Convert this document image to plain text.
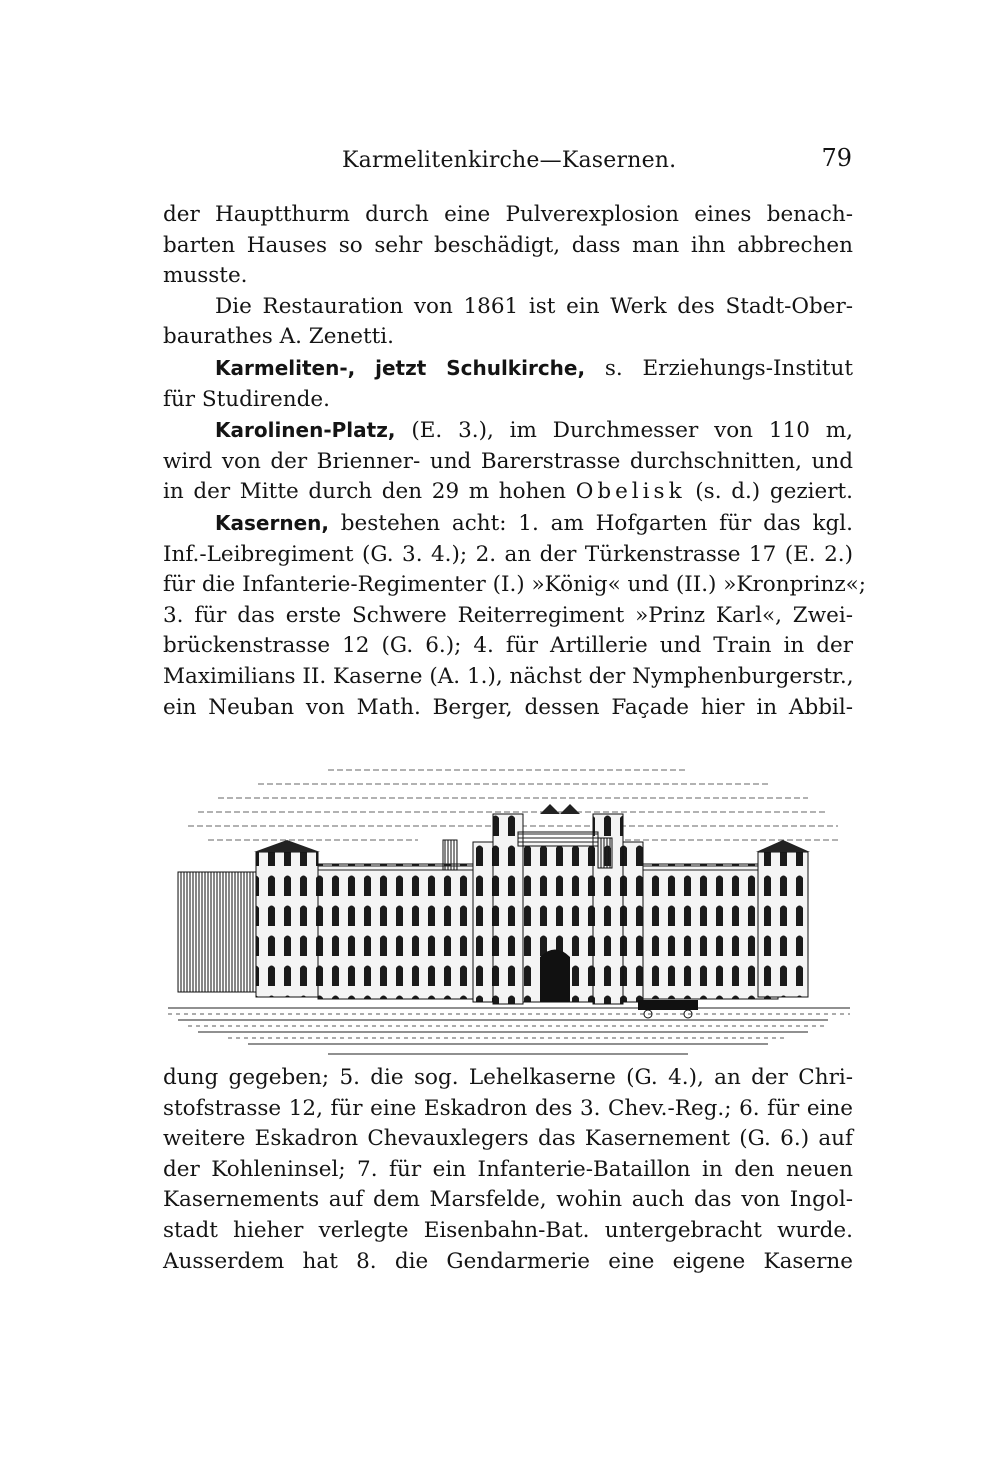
Karmelitenkirche—Kasernen.	79

der Hauptthurm durch eine Pulverexplosion eines benach-
barten Hauses so sehr beschädigt, dass man ihn abbrechen
musste.

Die Restauration von 1861 ist ein Werk des Stadt-Ober-
baurathes A. Zenetti.

Karmeliten-, jetzt Schulkirche, s. Erziehungs-Institut
für Studirende.

Karolinen-Platz, (E. 3.), im Durchmesser von 110 m,
wird von der Brienner- und Barerstrasse durchschnitten, und
in der Mitte durch den 29 m hohen Obelisk (s. d.) geziert.

Kasernen, bestehen acht: 1. am Hofgarten für das kgl.
Inf.-Leibregiment (G. 3. 4.); 2. an der Türkenstrasse 17 (E. 2.)
für die Infanterie-Regimenter (I.) »König« und (II.) »Kronprinz«;
3. für das erste Schwere Reiterregiment »Prinz Karl«, Zwei-
brückenstrasse 12 (G. 6.); 4. für Artillerie und Train in der
Maximilians II. Kaserne (A. 1.), nächst der Nymphenburgerstr.,
ein Neuban von Math. Berger, dessen Façade hier in Abbil-

dung gegeben; 5. die sog. Lehelkaserne (G. 4.), an der Chri-
stofstrasse 12, für eine Eskadron des 3. Chev.-Reg.; 6. für eine
weitere Eskadron Chevauxlegers das Kasernement (G. 6.) auf
der Kohleninsel; 7. für ein Infanterie-Bataillon in den neuen
Kasernements auf dem Marsfelde, wohin auch das von Ingol-
stadt hieher verlegte Eisenbahn-Bat. untergebracht wurde.
Ausserdem hat 8. die Gendarmerie eine eigene Kaserne
